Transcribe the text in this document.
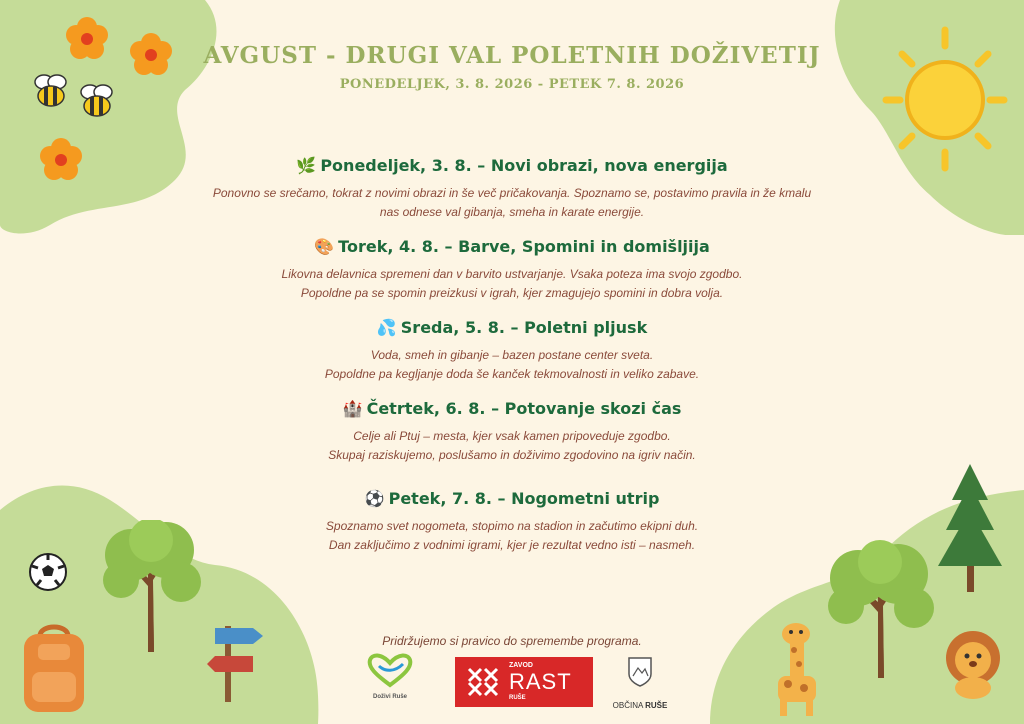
AVGUST - DRUGI VAL POLETNIH DOŽIVETIJ
PONEDELJEK, 3. 8. 2026 - PETEK 7. 8. 2026
🌿 Ponedeljek, 3. 8. – Novi obrazi, nova energija

Ponovno se srečamo, tokrat z novimi obrazi in še več pričakovanja. Spoznamo se, postavimo pravila in že kmalu
nas odnese val gibanja, smeha in karate energije.

🎨 Torek, 4. 8. – Barve, Spomini in domišljija

Likovna delavnica spremeni dan v barvito ustvarjanje. Vsaka poteza ima svojo zgodbo.
Popoldne pa se spomin preizkusi v igrah, kjer zmagujejo spomini in dobra volja.

💦 Sreda, 5. 8. – Poletni pljusk

Voda, smeh in gibanje – bazen postane center sveta.
Popoldne pa kegljanje doda še kanček tekmovalnosti in veliko zabave.

🏰 Četrtek, 6. 8. – Potovanje skozi čas

Celje ali Ptuj – mesta, kjer vsak kamen pripoveduje zgodbo.
Skupaj raziskujemo, poslušamo in doživimo zgodovino na igriv način.

⚽ Petek, 7. 8. – Nogometni utrip

Spoznamo svet nogometa, stopimo na stadion in začutimo ekipni duh.
Dan zaključimo z vodnimi igrami, kjer je rezultat vedno isti – nasmeh.

Pridržujemo si pravico do spremembe programa.
Doživi Ruše
ZAVOD
RAST
RUŠE
OBČINA RUŠE
